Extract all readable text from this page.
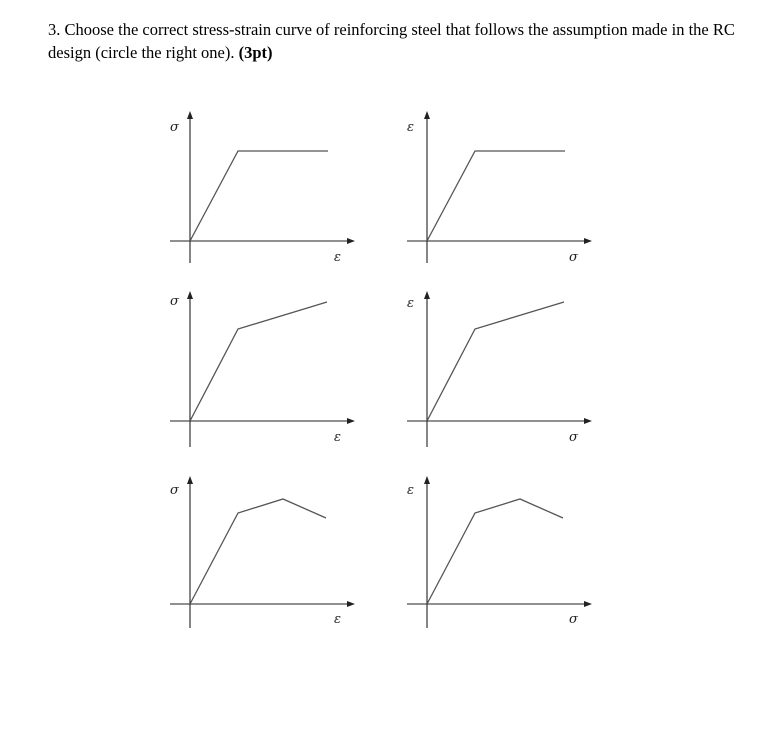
3. Choose the correct stress-strain curve of reinforcing steel that follows the assumption made in the RC design (circle the right one). (3pt)
σ
ε
ε
σ
σ
ε
ε
σ
σ
ε
ε
σ
